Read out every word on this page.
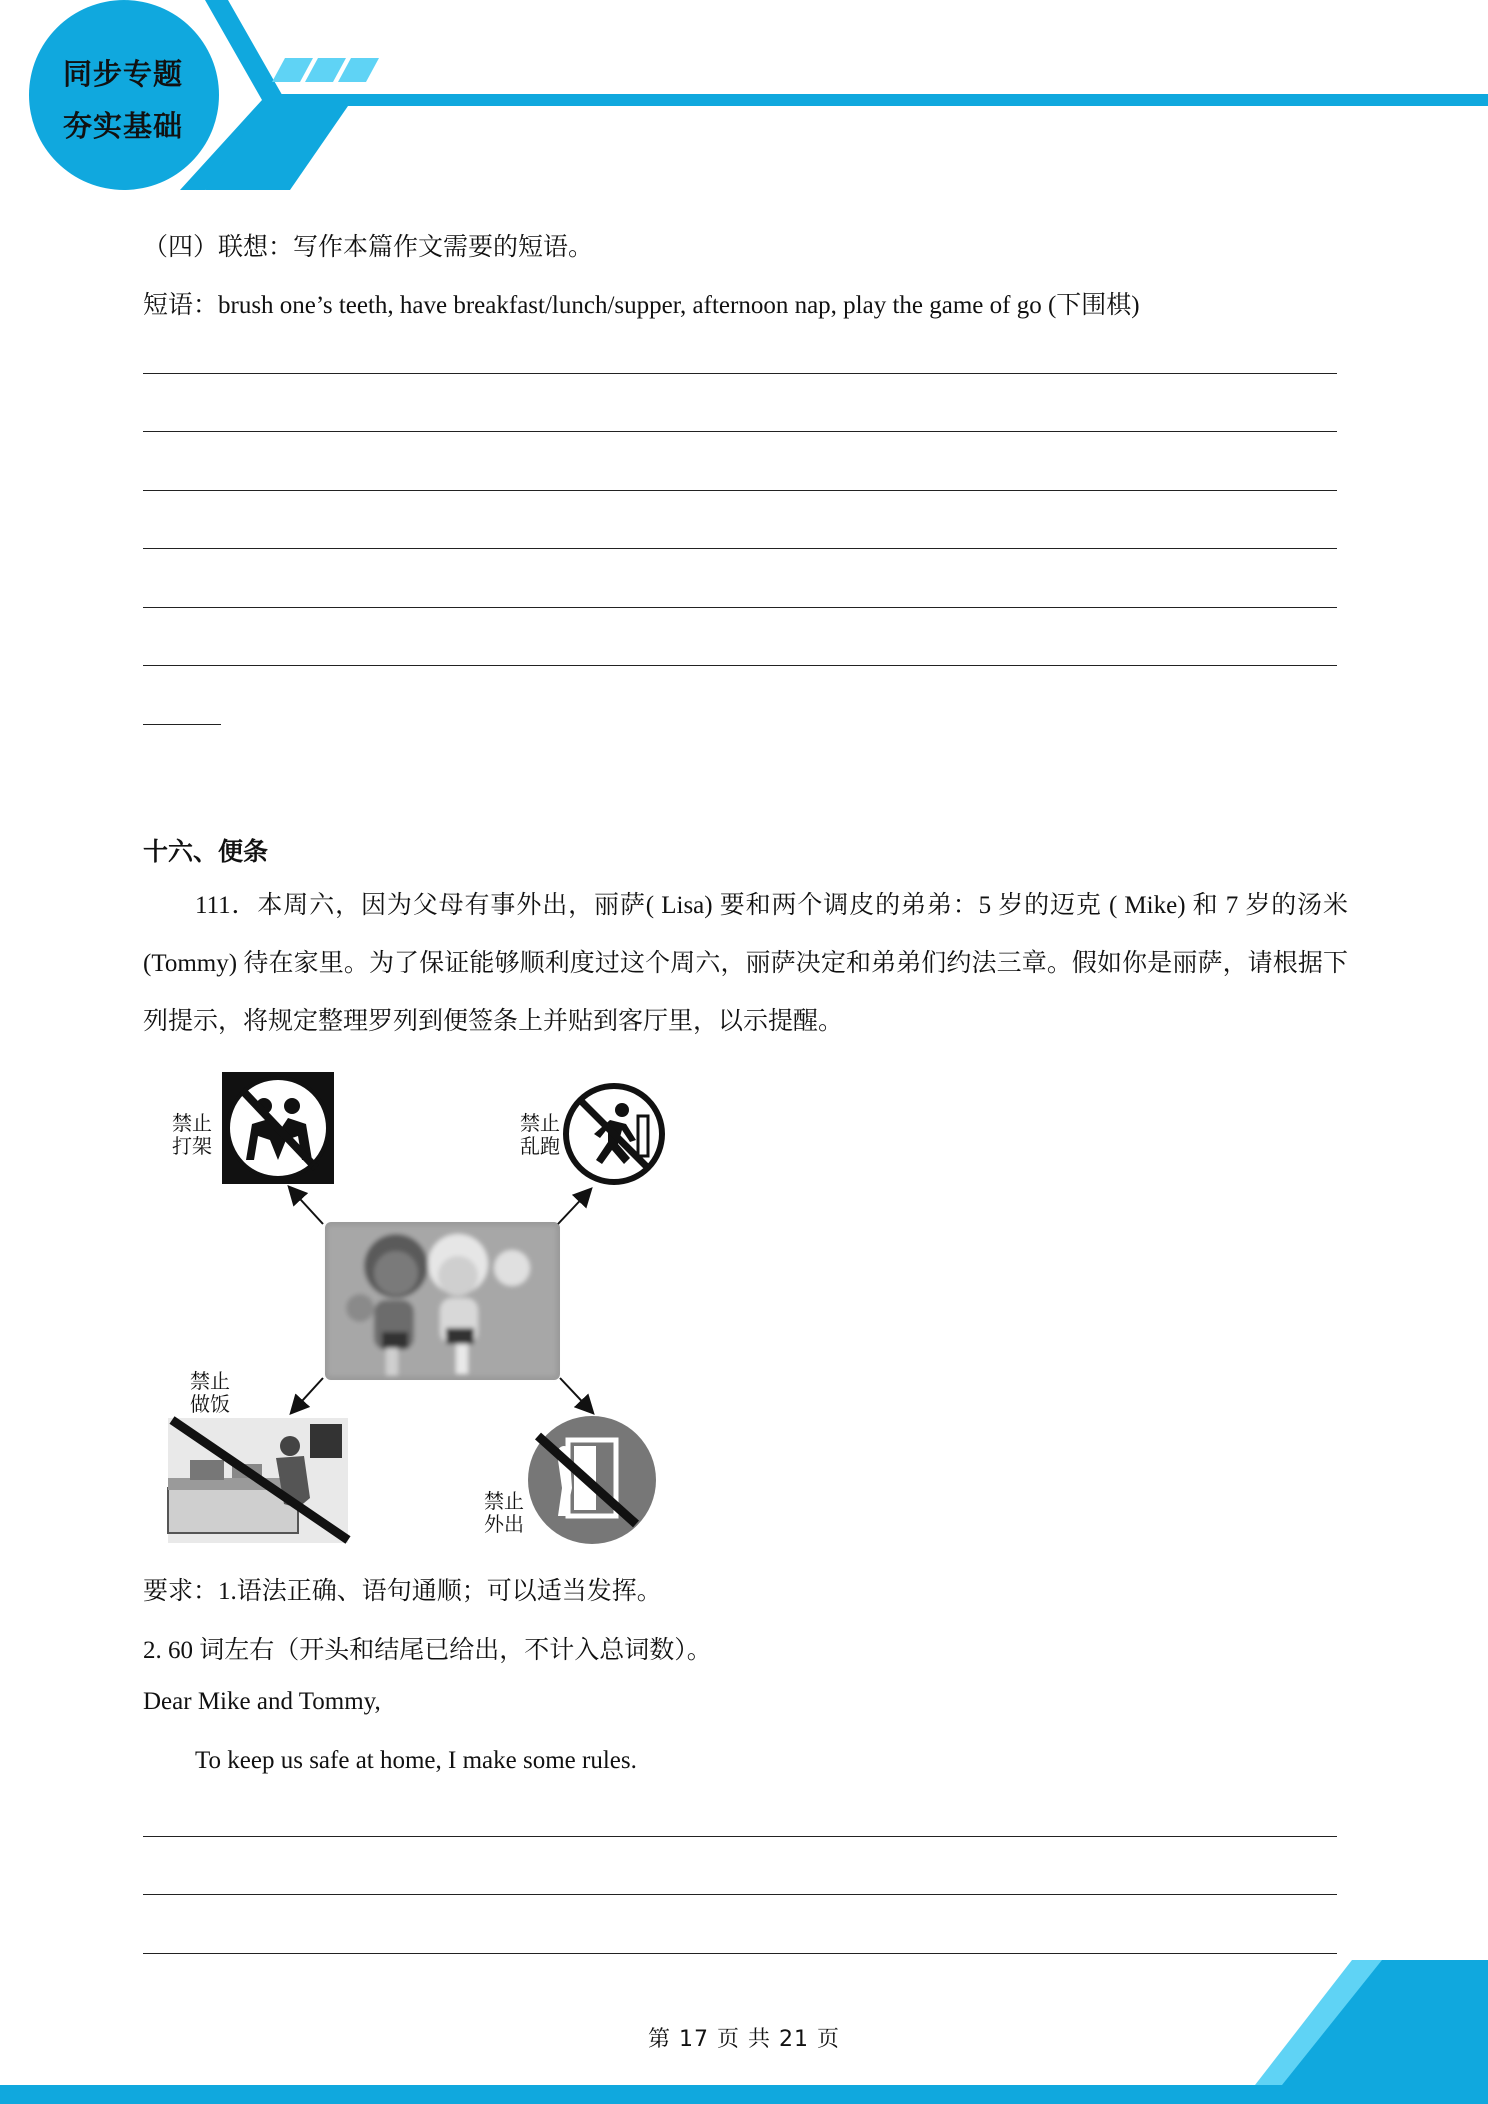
同步专题
夯实基础
（四）联想：写作本篇作文需要的短语。
短语：brush one’s teeth, have breakfast/lunch/supper, afternoon nap, play the game of go (下围棋)
十六、便条
111．本周六，因为父母有事外出，丽萨( Lisa) 要和两个调皮的弟弟：5 岁的迈克 ( Mike) 和 7 岁的汤米 (Tommy) 待在家里。为了保证能够顺利度过这个周六，丽萨决定和弟弟们约法三章。假如你是丽萨，请根据下列提示，将规定整理罗列到便签条上并贴到客厅里，以示提醒。
禁止打架
禁止乱跑
禁止做饭
禁止外出
要求：1.语法正确、语句通顺；可以适当发挥。
2. 60 词左右（开头和结尾已给出，不计入总词数）。
Dear Mike and Tommy,
To keep us safe at home, I make some rules.
第 17 页 共 21 页
